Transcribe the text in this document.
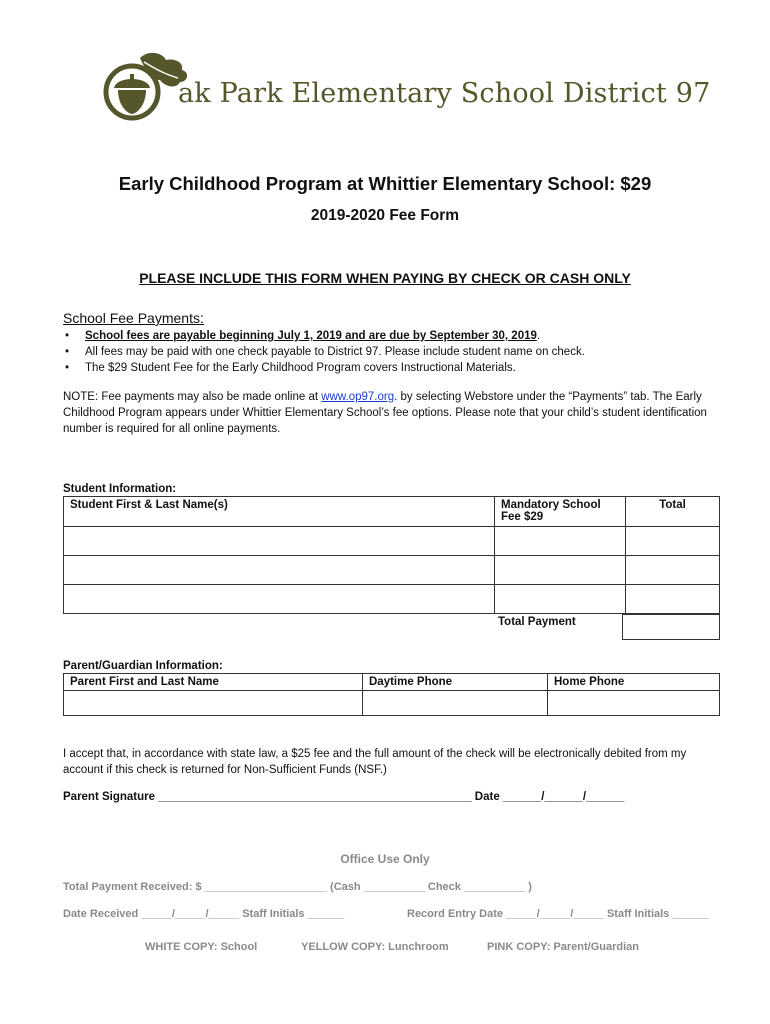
ak Park Elementary School District 97
Early Childhood Program at Whittier Elementary School: $29
2019-2020 Fee Form
PLEASE INCLUDE THIS FORM WHEN PAYING BY CHECK OR CASH ONLY
School Fee Payments:
• School fees are payable beginning July 1, 2019 and are due by September 30, 2019.
• All fees may be paid with one check payable to District 97. Please include student name on check.
• The $29 Student Fee for the Early Childhood Program covers Instructional Materials.
NOTE: Fee payments may also be made online at www.op97.org. by selecting Webstore under the “Payments” tab. The Early Childhood Program appears under Whittier Elementary School’s fee options. Please note that your child’s student identification number is required for all online payments.
Student Information:
Student First & Last Name(s)	Mandatory School Fee $29	Total

Total Payment
Parent/Guardian Information:
Parent First and Last Name	Daytime Phone	Home Phone

I accept that, in accordance with state law, a $25 fee and the full amount of the check will be electronically debited from my account if this check is returned for Non-Sufficient Funds (NSF.)
Parent Signature _________________________________________________ Date ______/______/______
Office Use Only
Total Payment Received: $ ____________________ (Cash __________ Check __________ )
Date Received _____/_____/_____ Staff Initials ______	Record Entry Date _____/_____/_____ Staff Initials ______
WHITE COPY: School	YELLOW COPY: Lunchroom	PINK COPY: Parent/Guardian
